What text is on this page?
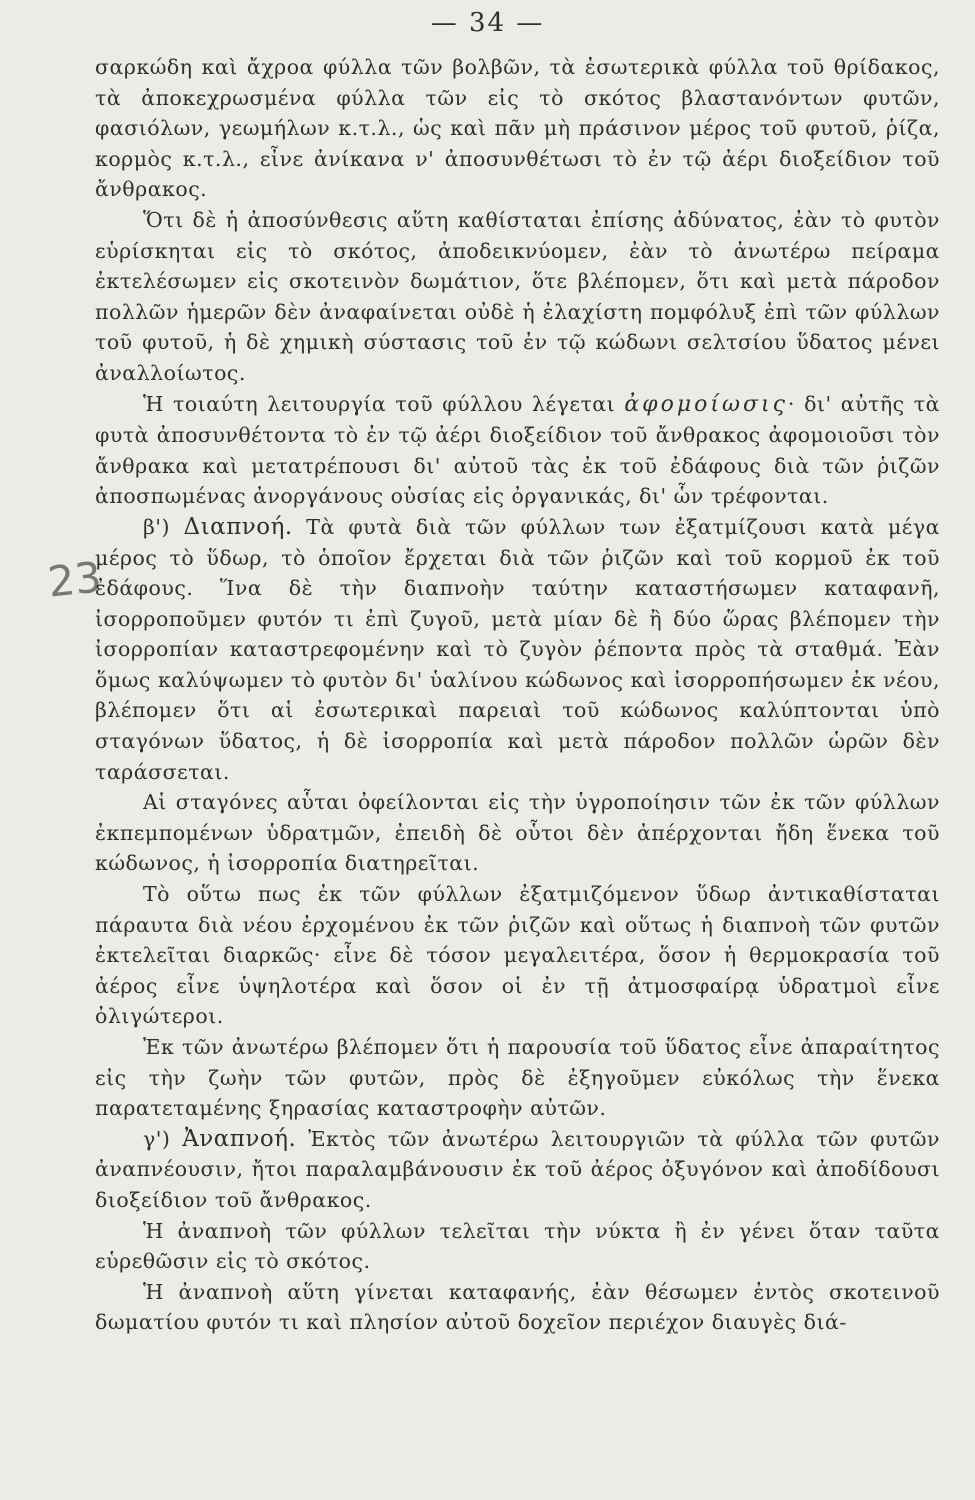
— 34 —
23

σαρκώδη καὶ ἄχροα φύλλα τῶν βολβῶν, τὰ ἐσωτερικὰ φύλλα τοῦ θρίδακος, τὰ ἀποκεχρωσμένα φύλλα τῶν εἰς τὸ σκότος βλαστανόντων φυτῶν, φασιόλων, γεωμήλων κ.τ.λ., ὡς καὶ πᾶν μὴ πράσινον μέρος τοῦ φυτοῦ, ῥίζα, κορμὸς κ.τ.λ., εἶνε ἀνίκανα ν' ἀποσυνθέτωσι τὸ ἐν τῷ ἀέρι διοξείδιον τοῦ ἄνθρακος.

Ὅτι δὲ ἡ ἀποσύνθεσις αὕτη καθίσταται ἐπίσης ἀδύνατος, ἐὰν τὸ φυτὸν εὑρίσκηται εἰς τὸ σκότος, ἀποδεικνύομεν, ἐὰν τὸ ἀνωτέρω πείραμα ἐκτελέσωμεν εἰς σκοτεινὸν δωμάτιον, ὅτε βλέπομεν, ὅτι καὶ μετὰ πάροδον πολλῶν ἡμερῶν δὲν ἀναφαίνεται οὐδὲ ἡ ἐλαχίστη πομφόλυξ ἐπὶ τῶν φύλλων τοῦ φυτοῦ, ἡ δὲ χημικὴ σύστασις τοῦ ἐν τῷ κώδωνι σελτσίου ὕδατος μένει ἀναλλοίωτος.

Ἡ τοιαύτη λειτουργία τοῦ φύλλου λέγεται ἀφομοίωσις· δι' αὐτῆς τὰ φυτὰ ἀποσυνθέτοντα τὸ ἐν τῷ ἀέρι διοξείδιον τοῦ ἄνθρακος ἀφομοιοῦσι τὸν ἄνθρακα καὶ μετατρέπουσι δι' αὐτοῦ τὰς ἐκ τοῦ ἐδάφους διὰ τῶν ῥιζῶν ἀποσπωμένας ἀνοργάνους οὐσίας εἰς ὀργανικάς, δι' ὧν τρέφονται.

β') Διαπνοή. Τὰ φυτὰ διὰ τῶν φύλλων των ἐξατμίζουσι κατὰ μέγα μέρος τὸ ὕδωρ, τὸ ὁποῖον ἔρχεται διὰ τῶν ῥιζῶν καὶ τοῦ κορμοῦ ἐκ τοῦ ἐδάφους. Ἵνα δὲ τὴν διαπνοὴν ταύτην καταστήσωμεν καταφανῆ, ἰσορροποῦμεν φυτόν τι ἐπὶ ζυγοῦ, μετὰ μίαν δὲ ἢ δύο ὥρας βλέπομεν τὴν ἰσορροπίαν καταστρεφομένην καὶ τὸ ζυγὸν ῥέποντα πρὸς τὰ σταθμά. Ἐὰν ὅμως καλύψωμεν τὸ φυτὸν δι' ὑαλίνου κώδωνος καὶ ἰσορροπήσωμεν ἐκ νέου, βλέπομεν ὅτι αἱ ἐσωτερικαὶ παρειαὶ τοῦ κώδωνος καλύπτονται ὑπὸ σταγόνων ὕδατος, ἡ δὲ ἰσορροπία καὶ μετὰ πάροδον πολλῶν ὡρῶν δὲν ταράσσεται.

Αἱ σταγόνες αὗται ὀφείλονται εἰς τὴν ὑγροποίησιν τῶν ἐκ τῶν φύλλων ἐκπεμπομένων ὑδρατμῶν, ἐπειδὴ δὲ οὗτοι δὲν ἀπέρχονται ἤδη ἕνεκα τοῦ κώδωνος, ἡ ἰσορροπία διατηρεῖται.

Τὸ οὕτω πως ἐκ τῶν φύλλων ἐξατμιζόμενον ὕδωρ ἀντικαθίσταται πάραυτα διὰ νέου ἐρχομένου ἐκ τῶν ῥιζῶν καὶ οὕτως ἡ διαπνοὴ τῶν φυτῶν ἐκτελεῖται διαρκῶς· εἶνε δὲ τόσον μεγαλειτέρα, ὅσον ἡ θερμοκρασία τοῦ ἀέρος εἶνε ὑψηλοτέρα καὶ ὅσον οἱ ἐν τῇ ἀτμοσφαίρᾳ ὑδρατμοὶ εἶνε ὀλιγώτεροι.

Ἐκ τῶν ἀνωτέρω βλέπομεν ὅτι ἡ παρουσία τοῦ ὕδατος εἶνε ἀπαραίτητος εἰς τὴν ζωὴν τῶν φυτῶν, πρὸς δὲ ἐξηγοῦμεν εὐκόλως τὴν ἕνεκα παρατεταμένης ξηρασίας καταστροφὴν αὐτῶν.

γ') Ἀναπνοή. Ἐκτὸς τῶν ἀνωτέρω λειτουργιῶν τὰ φύλλα τῶν φυτῶν ἀναπνέουσιν, ἤτοι παραλαμβάνουσιν ἐκ τοῦ ἀέρος ὀξυγόνον καὶ ἀποδίδουσι διοξείδιον τοῦ ἄνθρακος.

Ἡ ἀναπνοὴ τῶν φύλλων τελεῖται τὴν νύκτα ἢ ἐν γένει ὅταν ταῦτα εὑρεθῶσιν εἰς τὸ σκότος.

Ἡ ἀναπνοὴ αὕτη γίνεται καταφανής, ἐὰν θέσωμεν ἐντὸς σκοτεινοῦ δωματίου φυτόν τι καὶ πλησίον αὐτοῦ δοχεῖον περιέχον διαυγὲς διά-
